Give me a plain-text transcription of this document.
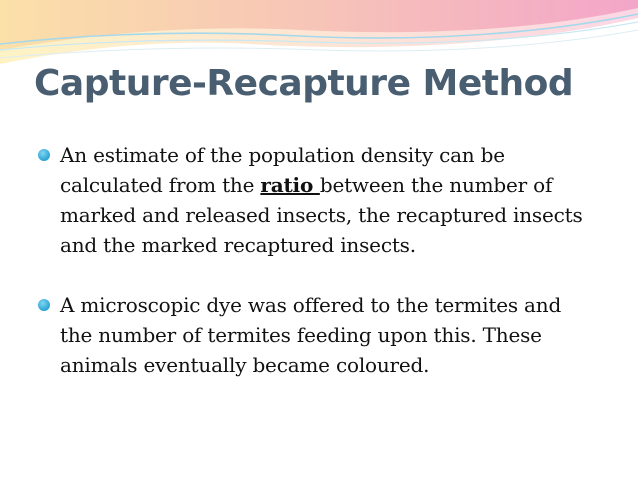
Capture-Recapture Method
An estimate of the population density can be calculated from the ratio between the number of marked and released insects, the recaptured insects and the marked recaptured insects.
A microscopic dye was offered to the termites and the number of termites feeding upon this. These animals eventually became coloured.
